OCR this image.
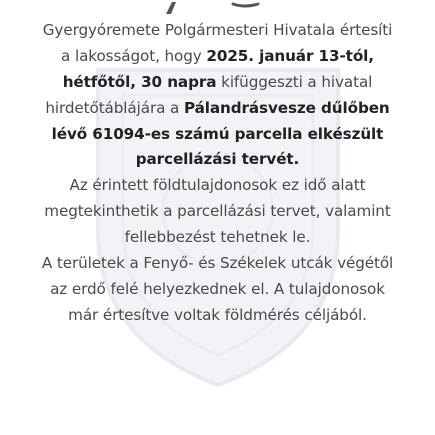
Gyergyóremete Polgármesteri Hivatala értesíti
a lakosságot, hogy 2025. január 13-tól,
hétfőtől, 30 napra kifüggeszti a hivatal
hirdetőtáblájára a Pálandrásvesze dűlőben
lévő 61094-es számú parcella elkészült
parcellázási tervét.
Az érintett földtulajdonosok ez idő alatt
megtekinthetik a parcellázási tervet, valamint
fellebbezést tehetnek le.
A területek a Fenyő- és Székelek utcák végétől
az erdő felé helyezkednek el. A tulajdonosok
már értesítve voltak földmérés céljából.
